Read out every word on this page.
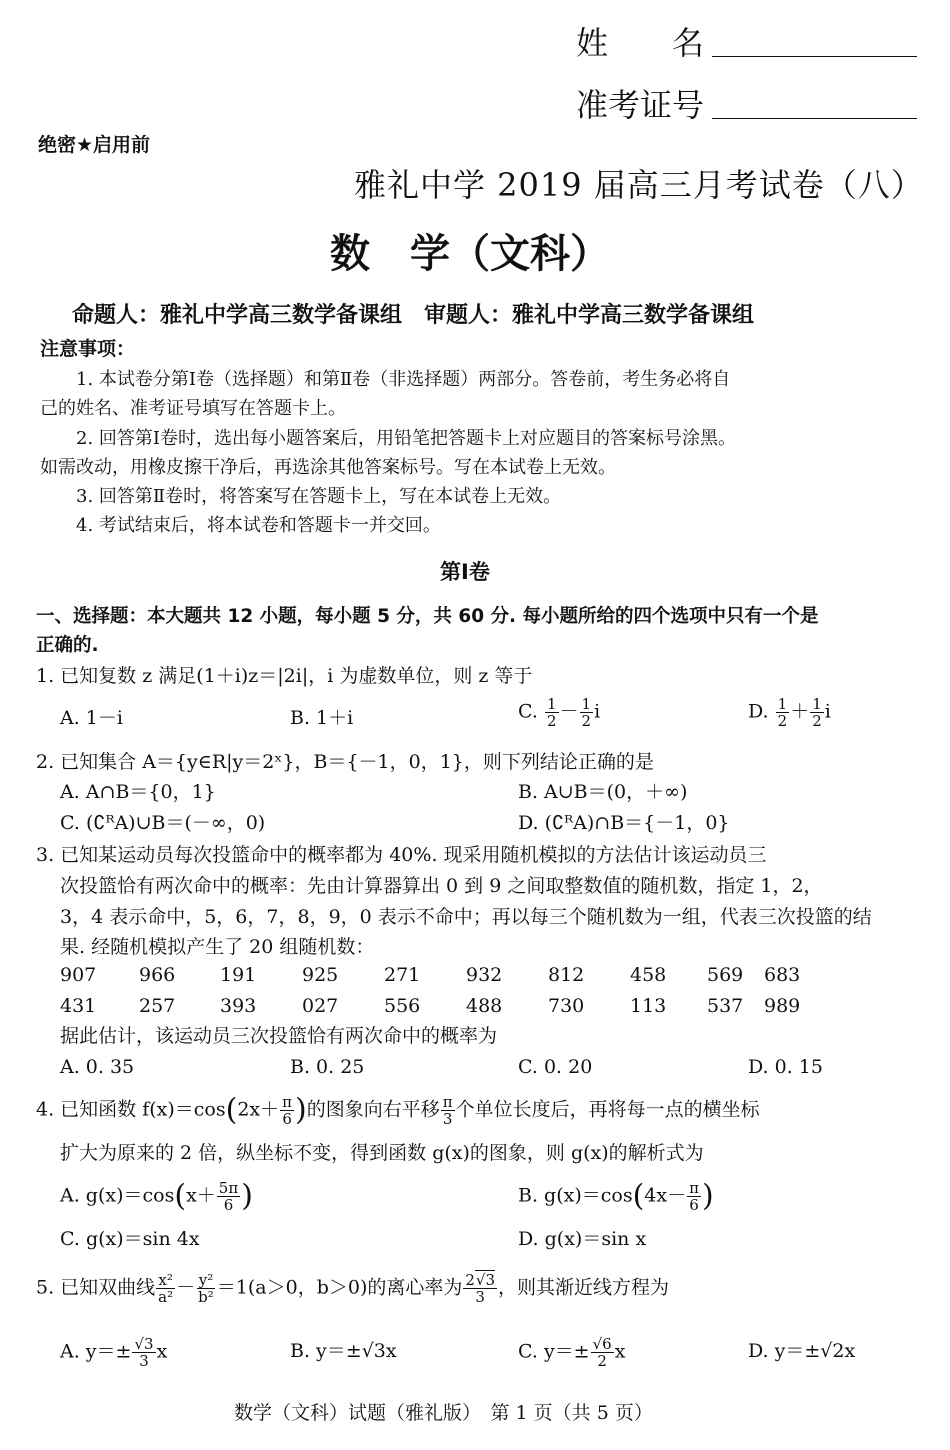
姓　　名
准考证号
绝密★启用前
雅礼中学 2019 届高三月考试卷（八）
数　学（文科）
命题人：雅礼中学高三数学备课组　审题人：雅礼中学高三数学备课组
注意事项：
1. 本试卷分第Ⅰ卷（选择题）和第Ⅱ卷（非选择题）两部分。答卷前，考生务必将自
己的姓名、准考证号填写在答题卡上。
2. 回答第Ⅰ卷时，选出每小题答案后，用铅笔把答题卡上对应题目的答案标号涂黑。
如需改动，用橡皮擦干净后，再选涂其他答案标号。写在本试卷上无效。
3. 回答第Ⅱ卷时，将答案写在答题卡上，写在本试卷上无效。
4. 考试结束后，将本试卷和答题卡一并交回。
第Ⅰ卷
一、选择题：本大题共 12 小题，每小题 5 分，共 60 分. 每小题所给的四个选项中只有一个是
正确的.
1. 已知复数 z 满足(1＋i)z＝|2i|，i 为虚数单位，则 z 等于
A. 1－i	B. 1＋i	C. $\frac{1}{2} - \frac{1}{2}$ i	D. $\frac{1}{2} + \frac{1}{2}$ i
2. 已知集合 A＝{y∈R|y＝2ˣ}，B＝{－1，0，1}，则下列结论正确的是
A. A∩B＝{0，1}	B. A∪B＝(0，＋∞)
C. (∁ᴿA)∪B＝(－∞，0)	D. (∁ᴿA)∩B＝{－1，0}
3. 已知某运动员每次投篮命中的概率都为 40%. 现采用随机模拟的方法估计该运动员三
次投篮恰有两次命中的概率：先由计算器算出 0 到 9 之间取整数值的随机数，指定 1，2，
3，4 表示命中，5，6，7，8，9，0 表示不命中；再以每三个随机数为一组，代表三次投篮的结
果. 经随机模拟产生了 20 组随机数：
907 966 191 925 271 932 812 458 569 683
431 257 393 027 556 488 730 113 537 989
据此估计，该运动员三次投篮恰有两次命中的概率为
A. 0. 35	B. 0. 25	C. 0. 20	D. 0. 15
4. 已知函数 $f(x)=\cos(2x+ \frac{\pi}{6}$ )的图象向右平移 $\frac{\pi}{3}$ 个单位长度后，再将每一点的横坐标
扩大为原来的 2 倍，纵坐标不变，得到函数 g(x)的图象，则 g(x)的解析式为
A. $g(x)=\cos(x+ \frac{5\pi}{6}$ )	B. $g(x)=\cos(4x- \frac{\pi}{6}$ )
C. g(x)＝sin 4x	D. g(x)＝sin x
5. 已知双曲线 $\frac{\text{x²}}{\text{a²}} - \frac{\text{y²}}{\text{b²}} =1(a>0$，b＞0)的离心率为 $\frac{2√3}{3}$ ，则其渐近线方程为
A. $y=\pm \frac{√3}{3}$ x	B. y＝±√3x	C. $y=\pm \frac{√6}{2}$ x	D. y＝±√2x
数学（文科）试题（雅礼版）　第 1 页（共 5 页）
